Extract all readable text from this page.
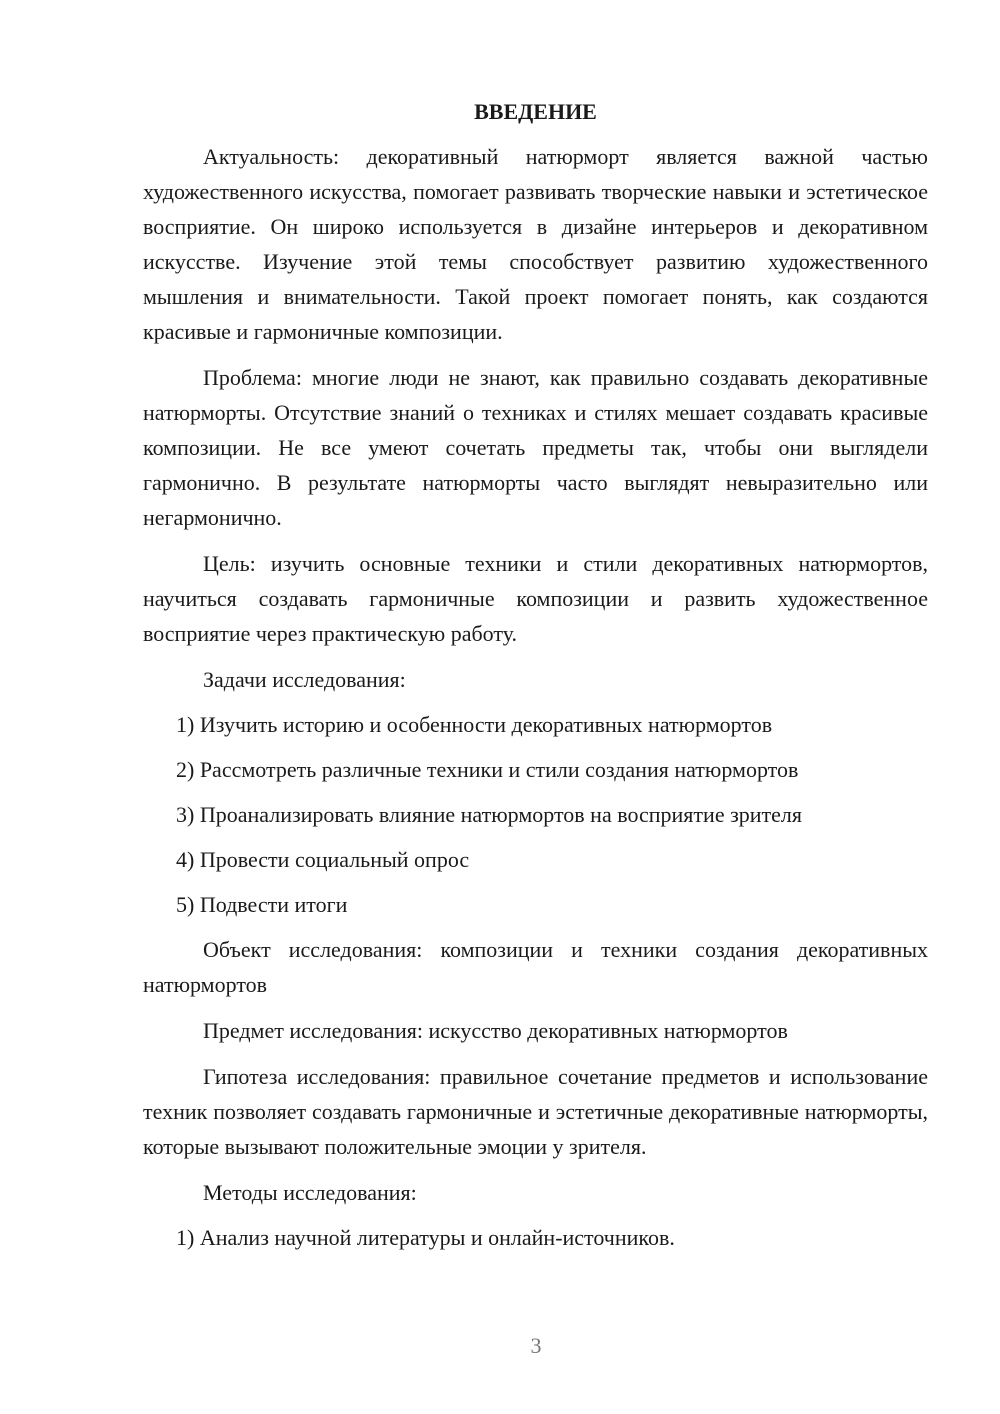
ВВЕДЕНИЕ

Актуальность: декоративный натюрморт является важной частью художественного искусства, помогает развивать творческие навыки и эстетическое восприятие. Он широко используется в дизайне интерьеров и декоративном искусстве. Изучение этой темы способствует развитию художественного мышления и внимательности. Такой проект помогает понять, как создаются красивые и гармоничные композиции.

Проблема: многие люди не знают, как правильно создавать декоративные натюрморты. Отсутствие знаний о техниках и стилях мешает создавать красивые композиции. Не все умеют сочетать предметы так, чтобы они выглядели гармонично. В результате натюрморты часто выглядят невыразительно или негармонично.

Цель: изучить основные техники и стили декоративных натюрмортов, научиться создавать гармоничные композиции и развить художественное восприятие через практическую работу.

Задачи исследования:
1) Изучить историю и особенности декоративных натюрмортов
2) Рассмотреть различные техники и стили создания натюрмортов
3) Проанализировать влияние натюрмортов на восприятие зрителя
4) Провести социальный опрос
5) Подвести итоги

Объект исследования: композиции и техники создания декоративных натюрмортов

Предмет исследования: искусство декоративных натюрмортов

Гипотеза исследования: правильное сочетание предметов и использование техник позволяет создавать гармоничные и эстетичные декоративные натюрморты, которые вызывают положительные эмоции у зрителя.

Методы исследования:
1) Анализ научной литературы и онлайн-источников.
3
